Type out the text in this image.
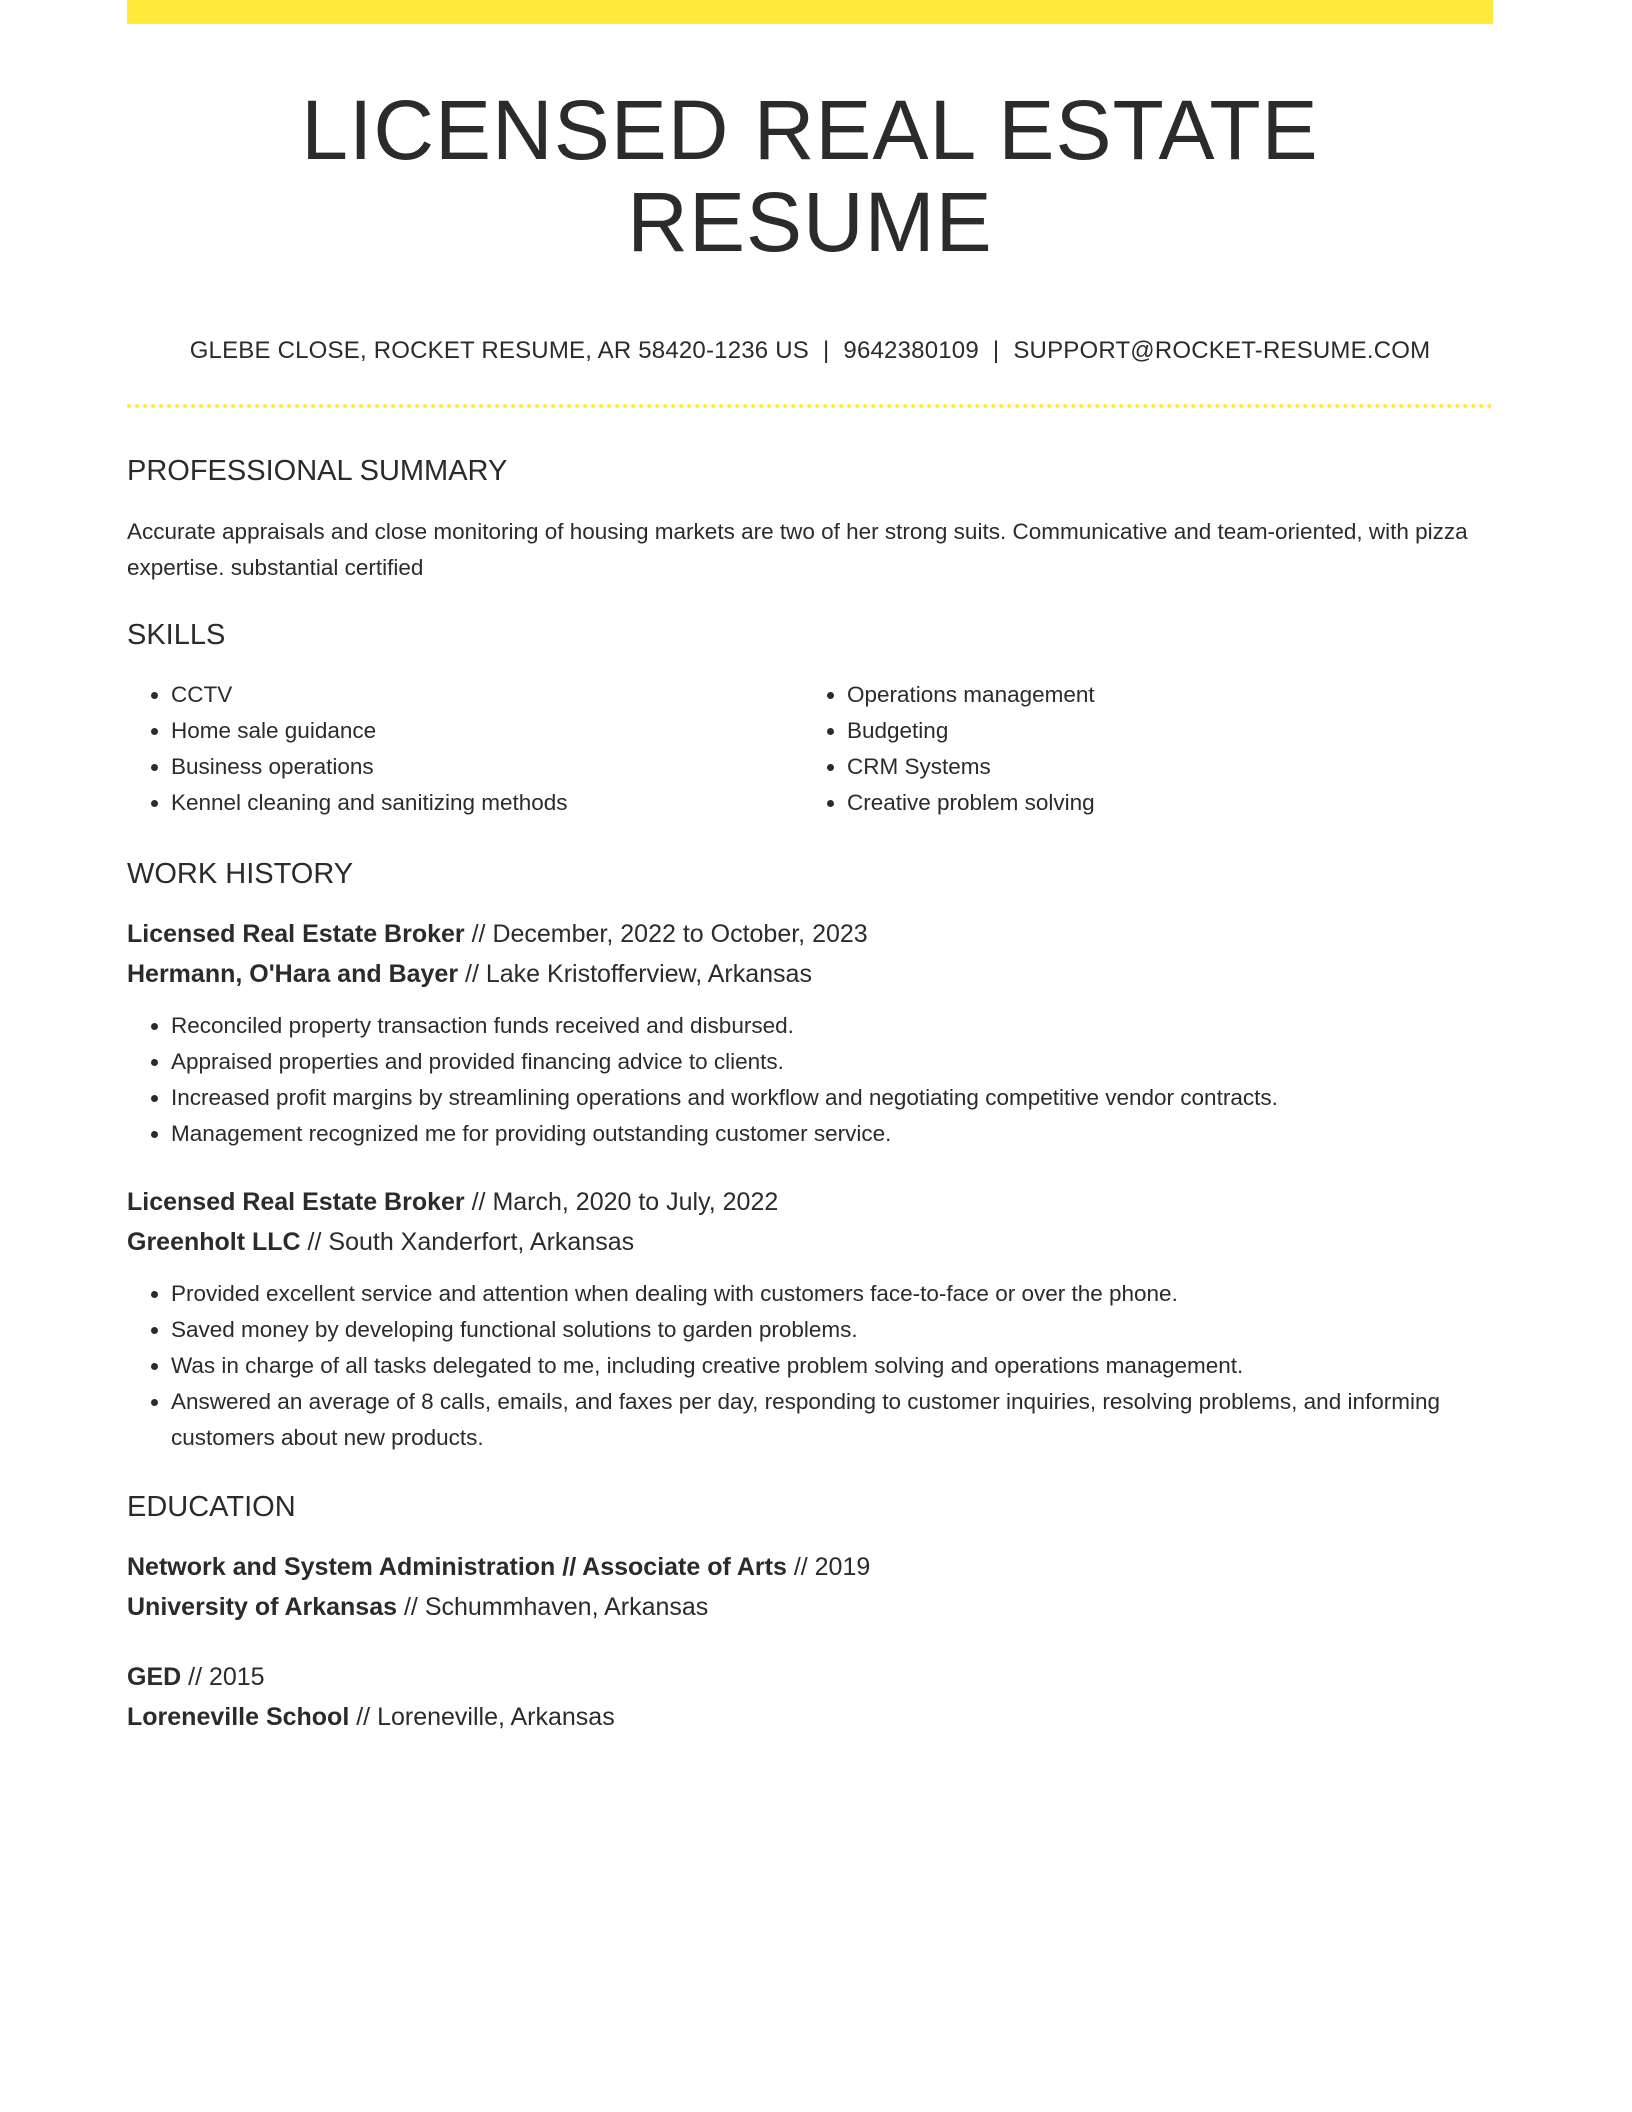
LICENSED REAL ESTATE RESUME
GLEBE CLOSE, ROCKET RESUME, AR 58420-1236 US | 9642380109 | SUPPORT@ROCKET-RESUME.COM
PROFESSIONAL SUMMARY

Accurate appraisals and close monitoring of housing markets are two of her strong suits. Communicative and team-oriented, with pizza expertise. substantial certified

SKILLS
• CCTV
• Home sale guidance
• Business operations
• Kennel cleaning and sanitizing methods
• Operations management
• Budgeting
• CRM Systems
• Creative problem solving
WORK HISTORY
Licensed Real Estate Broker // December, 2022 to October, 2023
Hermann, O'Hara and Bayer // Lake Kristofferview, Arkansas
• Reconciled property transaction funds received and disbursed.
• Appraised properties and provided financing advice to clients.
• Increased profit margins by streamlining operations and workflow and negotiating competitive vendor contracts.
• Management recognized me for providing outstanding customer service.
Licensed Real Estate Broker // March, 2020 to July, 2022
Greenholt LLC // South Xanderfort, Arkansas
• Provided excellent service and attention when dealing with customers face-to-face or over the phone.
• Saved money by developing functional solutions to garden problems.
• Was in charge of all tasks delegated to me, including creative problem solving and operations management.
• Answered an average of 8 calls, emails, and faxes per day, responding to customer inquiries, resolving problems, and informing customers about new products.
EDUCATION
Network and System Administration // Associate of Arts // 2019
University of Arkansas // Schummhaven, Arkansas
GED // 2015
Loreneville School // Loreneville, Arkansas
